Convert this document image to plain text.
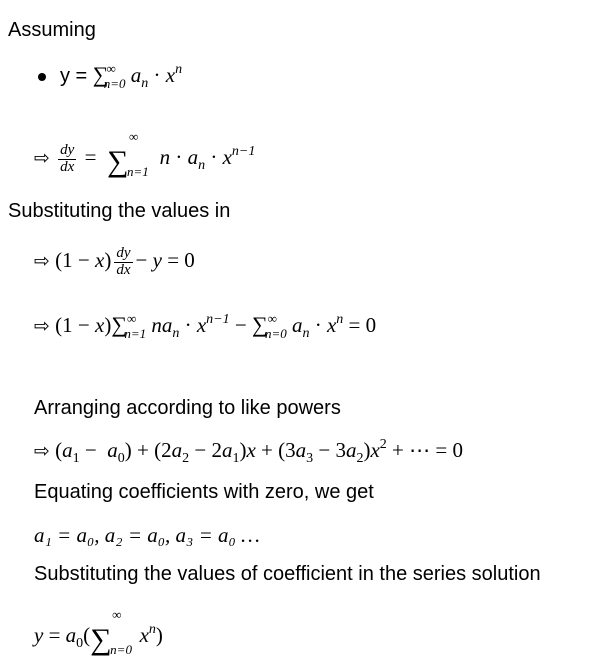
Assuming
$y = \sum^\infty_{n=0}$ $a_n \cdot x^n$
⇨ $\frac{dy}{dx}$ = ∑
∞
n=1
$n \cdot a_n \cdot x^{n-1}$
Substituting the values in
⇨ $(1 - x) \frac{dy}{dx} - y = 0$
⇨ $(1 - x)\sum^\infty_{n=1}$ $na_n \cdot x^{n-1} - \sum^\infty_{n=0}$ $a_n \cdot x^n = 0$
Arranging according to like powers
⇨ $(a_1 - a_0) + (2a_2 - 2a_1)x + (3a_3 - 3a_2)x^2$ + ⋯ = 0
Equating coefficients with zero, we get
a₁ = a₀, a₂ = a₀, a₃ = a₀ …
Substituting the values of coefficient in the series solution
$y = a_0(\sum$
∞
n=0
$x^n$)
